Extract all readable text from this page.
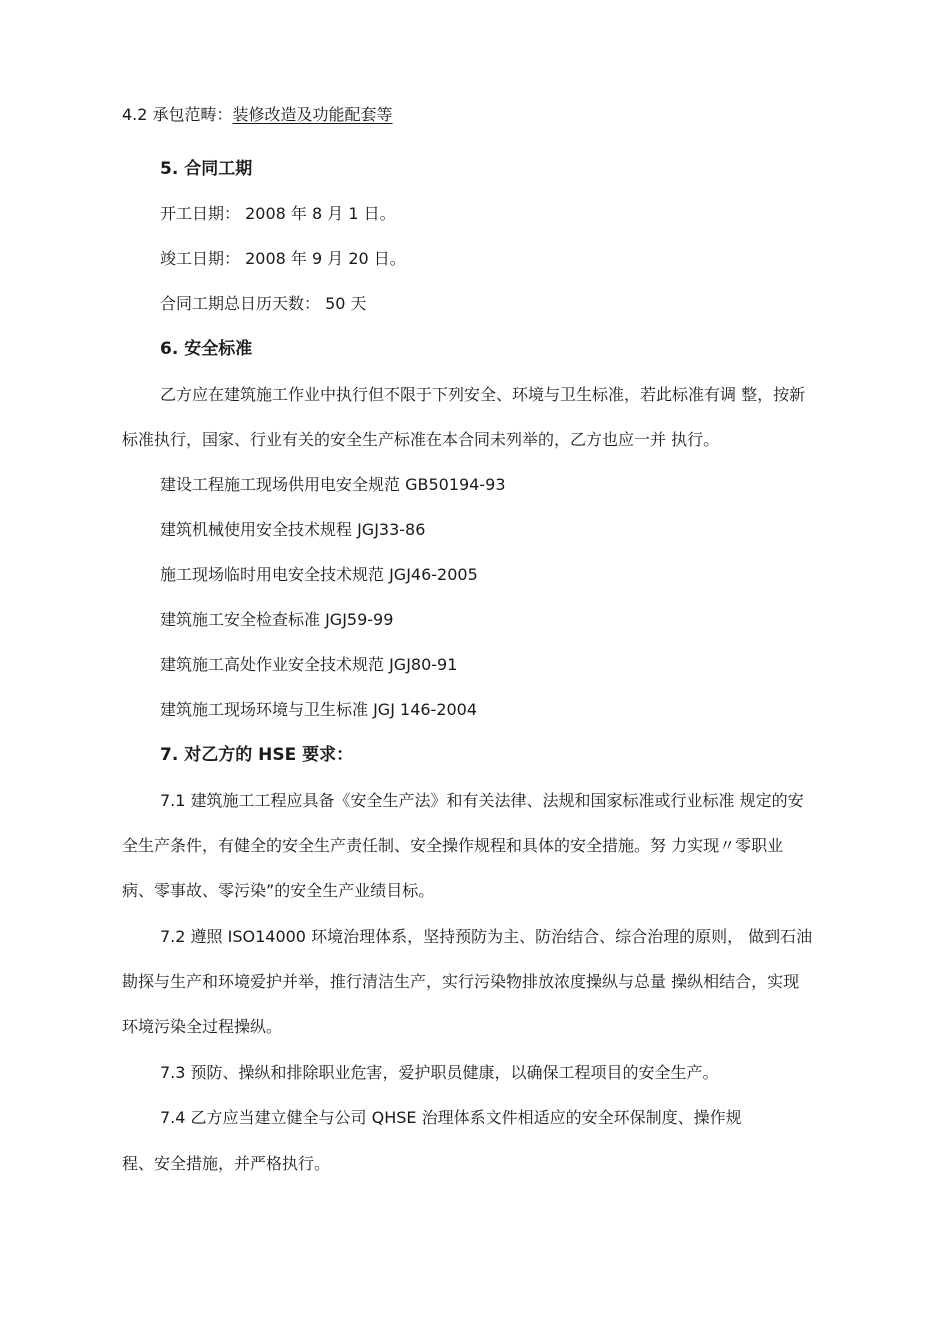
4.2 承包范畴：装修改造及功能配套等
5. 合同工期
开工日期： 2008 年 8 月 1 日。
竣工日期： 2008 年 9 月 20 日。
合同工期总日历天数： 50 天
6. 安全标准
乙方应在建筑施工作业中执行但不限于下列安全、环境与卫生标准，若此标准有调 整，按新
标准执行，国家、行业有关的安全生产标准在本合同未列举的，乙方也应一并 执行。
建设工程施工现场供用电安全规范 GB50194-93
建筑机械使用安全技术规程 JGJ33-86
施工现场临时用电安全技术规范 JGJ46-2005
建筑施工安全检查标准 JGJ59-99
建筑施工高处作业安全技术规范 JGJ80-91
建筑施工现场环境与卫生标准 JGJ 146-2004
7. 对乙方的 HSE 要求：
7.1 建筑施工工程应具备《安全生产法》和有关法律、法规和国家标准或行业标准 规定的安
全生产条件，有健全的安全生产责任制、安全操作规程和具体的安全措施。努 力实现〃零职业
病、零事故、零污染”的安全生产业绩目标。
7.2 遵照 ISO14000 环境治理体系，坚持预防为主、防治结合、综合治理的原则， 做到石油
勘探与生产和环境爱护并举，推行清洁生产，实行污染物排放浓度操纵与总量 操纵相结合，实现
环境污染全过程操纵。
7.3 预防、操纵和排除职业危害，爱护职员健康，以确保工程项目的安全生产。
7.4 乙方应当建立健全与公司 QHSE 治理体系文件相适应的安全环保制度、操作规
程、安全措施，并严格执行。
